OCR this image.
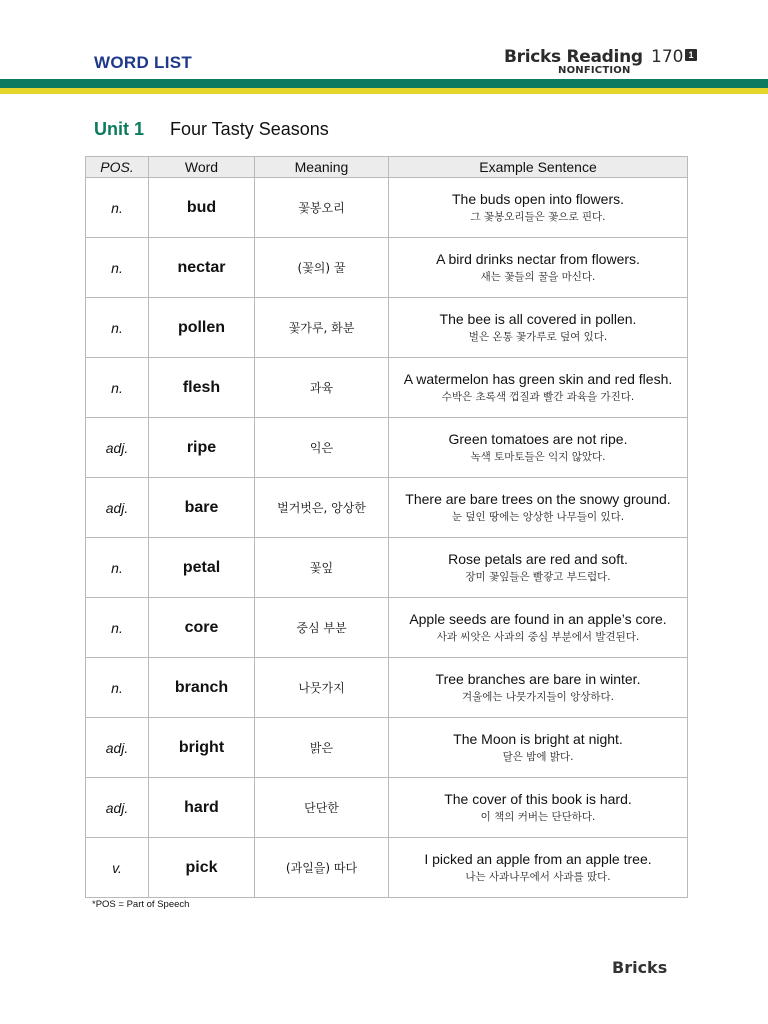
WORD LIST	Bricks Reading 170 1
NONFICTION
Unit 1 Four Tasty Seasons
POS.	Word	Meaning	Example Sentence
n.	bud	꽃봉오리	The buds open into flowers.
그 꽃봉오리들은 꽃으로 핀다.

n.	nectar	(꽃의) 꿀	A bird drinks nectar from flowers.
새는 꽃들의 꿀을 마신다.

n.	pollen	꽃가루, 화분	The bee is all covered in pollen.
벌은 온통 꽃가루로 덮여 있다.

n.	flesh	과육	A watermelon has green skin and red flesh.
수박은 초록색 껍질과 빨간 과육을 가진다.

adj.	ripe	익은	Green tomatoes are not ripe.
녹색 토마토들은 익지 않았다.

adj.	bare	벌거벗은, 앙상한	There are bare trees on the snowy ground.
눈 덮인 땅에는 앙상한 나무들이 있다.

n.	petal	꽃잎	Rose petals are red and soft.
장미 꽃잎들은 빨갛고 부드럽다.

n.	core	중심 부분	Apple seeds are found in an apple’s core.
사과 씨앗은 사과의 중심 부분에서 발견된다.

n.	branch	나뭇가지	Tree branches are bare in winter.
겨울에는 나뭇가지들이 앙상하다.

adj.	bright	밝은	The Moon is bright at night.
달은 밤에 밝다.

adj.	hard	단단한	The cover of this book is hard.
이 책의 커버는 단단하다.

v.	pick	(과일을) 따다	I picked an apple from an apple tree.
나는 사과나무에서 사과를 땄다.
*POS = Part of Speech
Bricks
